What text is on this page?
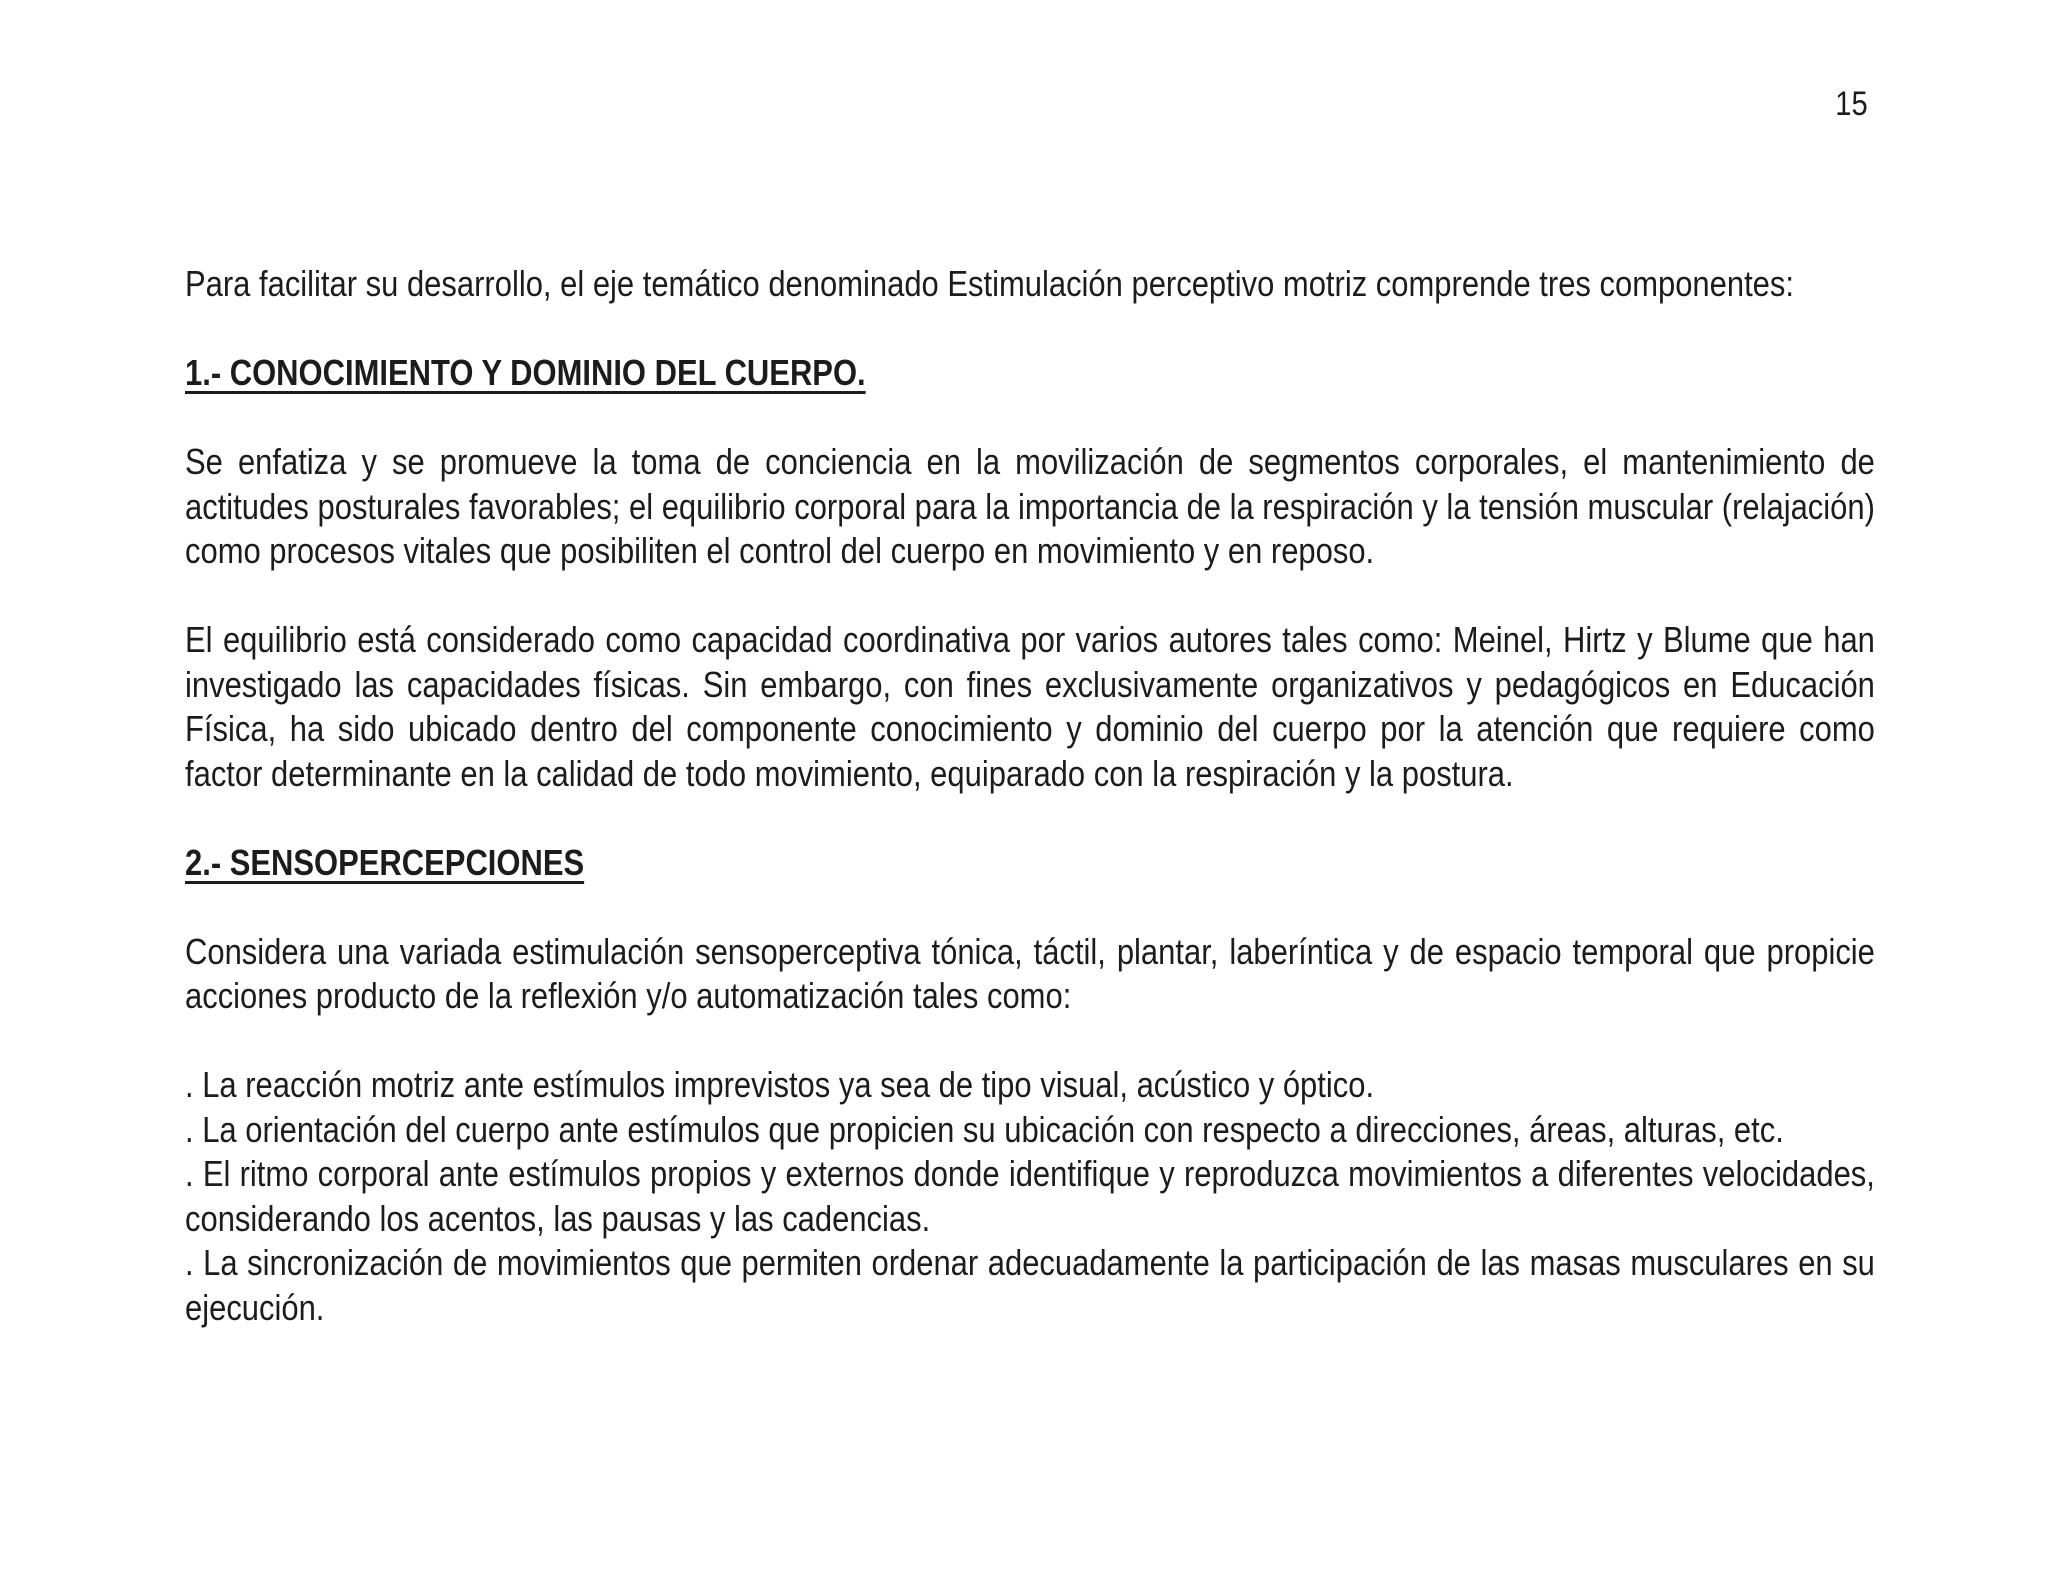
15

Para facilitar su desarrollo, el eje temático denominado Estimulación perceptivo motriz comprende tres componentes:

1.- CONOCIMIENTO Y DOMINIO DEL CUERPO.

Se enfatiza y se promueve la toma de conciencia en la movilización de segmentos corporales, el mantenimiento de actitudes posturales favorables; el equilibrio corporal para la importancia de la respiración y la tensión muscular (relajación) como procesos vitales que posibiliten el control del cuerpo en movimiento y en reposo.

El equilibrio está considerado como capacidad coordinativa por varios autores tales como: Meinel, Hirtz y Blume que han investigado las capacidades físicas. Sin embargo, con fines exclusivamente organizativos y pedagógicos en Educación Física, ha sido ubicado dentro del componente conocimiento y dominio del cuerpo por la atención que requiere como factor determinante en la calidad de todo movimiento, equiparado con la respiración y la postura.

2.- SENSOPERCEPCIONES

Considera una variada estimulación sensoperceptiva tónica, táctil, plantar, laberíntica y de espacio temporal que propicie acciones producto de la reflexión y/o automatización tales como:

. La reacción motriz ante estímulos imprevistos ya sea de tipo visual, acústico y óptico.

. La orientación del cuerpo ante estímulos que propicien su ubicación con respecto a direcciones, áreas, alturas, etc.

. El ritmo corporal ante estímulos propios y externos donde identifique y reproduzca movimientos a diferentes velocidades, considerando los acentos, las pausas y las cadencias.

. La sincronización de movimientos que permiten ordenar adecuadamente la participación de las masas musculares en su ejecución.
